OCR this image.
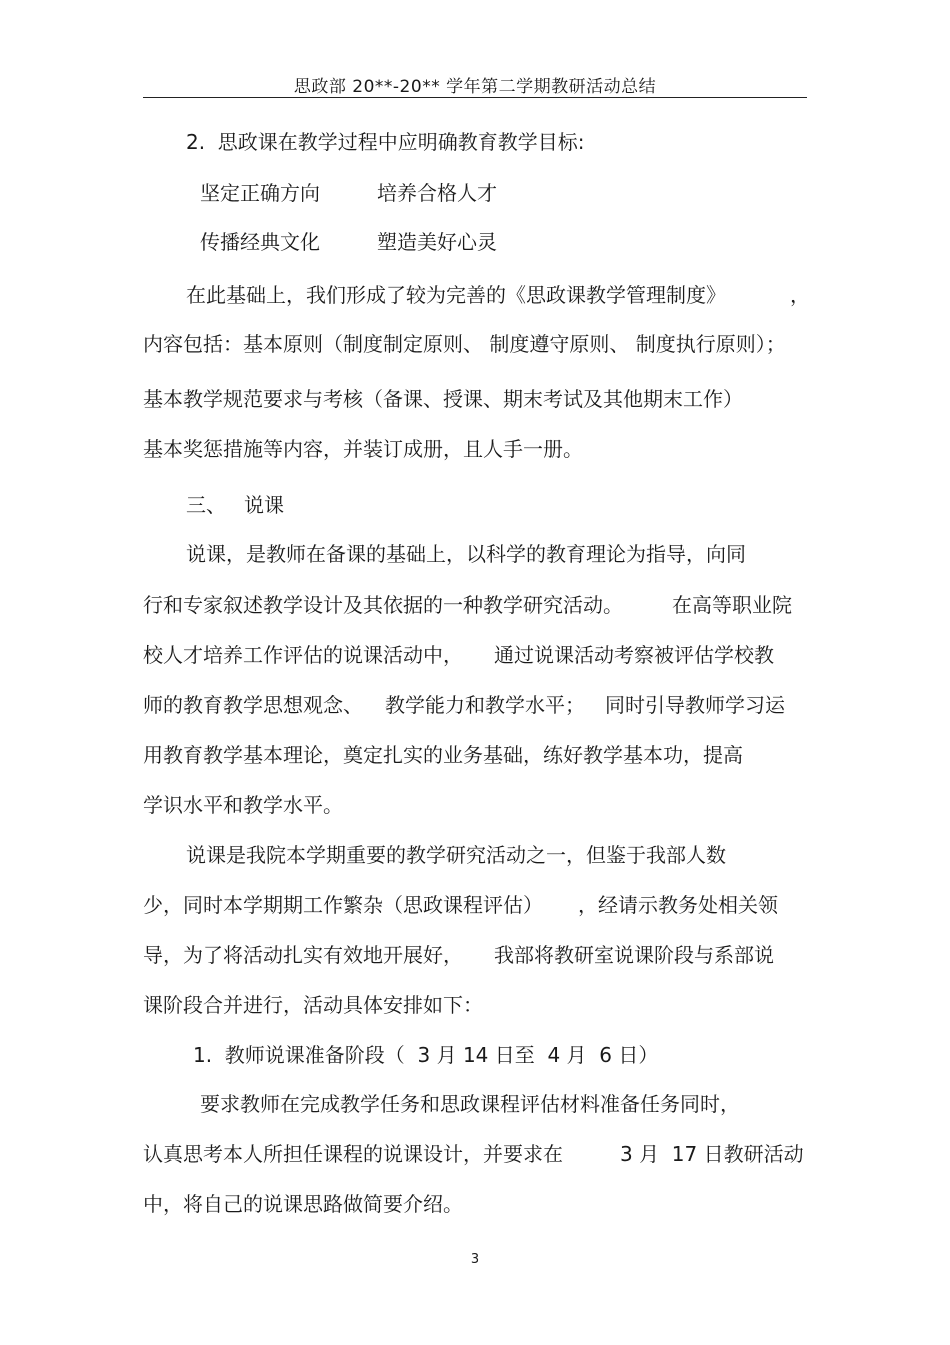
思政部 20**-20** 学年第二学期教研活动总结
2.  思政课在教学过程中应明确教育教学目标:
坚定正确方向	培养合格人才
传播经典文化	塑造美好心灵
在此基础上，我们形成了较为完善的《思政课教学管理制度》	，
内容包括：基本原则（制度制定原则、 制度遵守原则、 制度执行原则）；
基本教学规范要求与考核（备课、授课、期末考试及其他期末工作）
基本奖惩措施等内容，并装订成册，且人手一册。
三、 说课
说课，是教师在备课的基础上，以科学的教育理论为指导，向同
行和专家叙述教学设计及其依据的一种教学研究活动。 在高等职业院
校人才培养工作评估的说课活动中， 通过说课活动考察被评估学校教
师的教育教学思想观念、 教学能力和教学水平； 同时引导教师学习运
用教育教学基本理论，奠定扎实的业务基础，练好教学基本功，提高
学识水平和教学水平。
说课是我院本学期重要的教学研究活动之一，但鉴于我部人数
少，同时本学期期工作繁杂（思政课程评估） ，经请示教务处相关领
导，为了将活动扎实有效地开展好， 我部将教研室说课阶段与系部说
课阶段合并进行，活动具体安排如下：
1.  教师说课准备阶段（  3 月 14 日至  4 月  6 日）
要求教师在完成教学任务和思政课程评估材料准备任务同时，
认真思考本人所担任课程的说课设计，并要求在	3 月  17 日教研活动
中，将自己的说课思路做简要介绍。
3
